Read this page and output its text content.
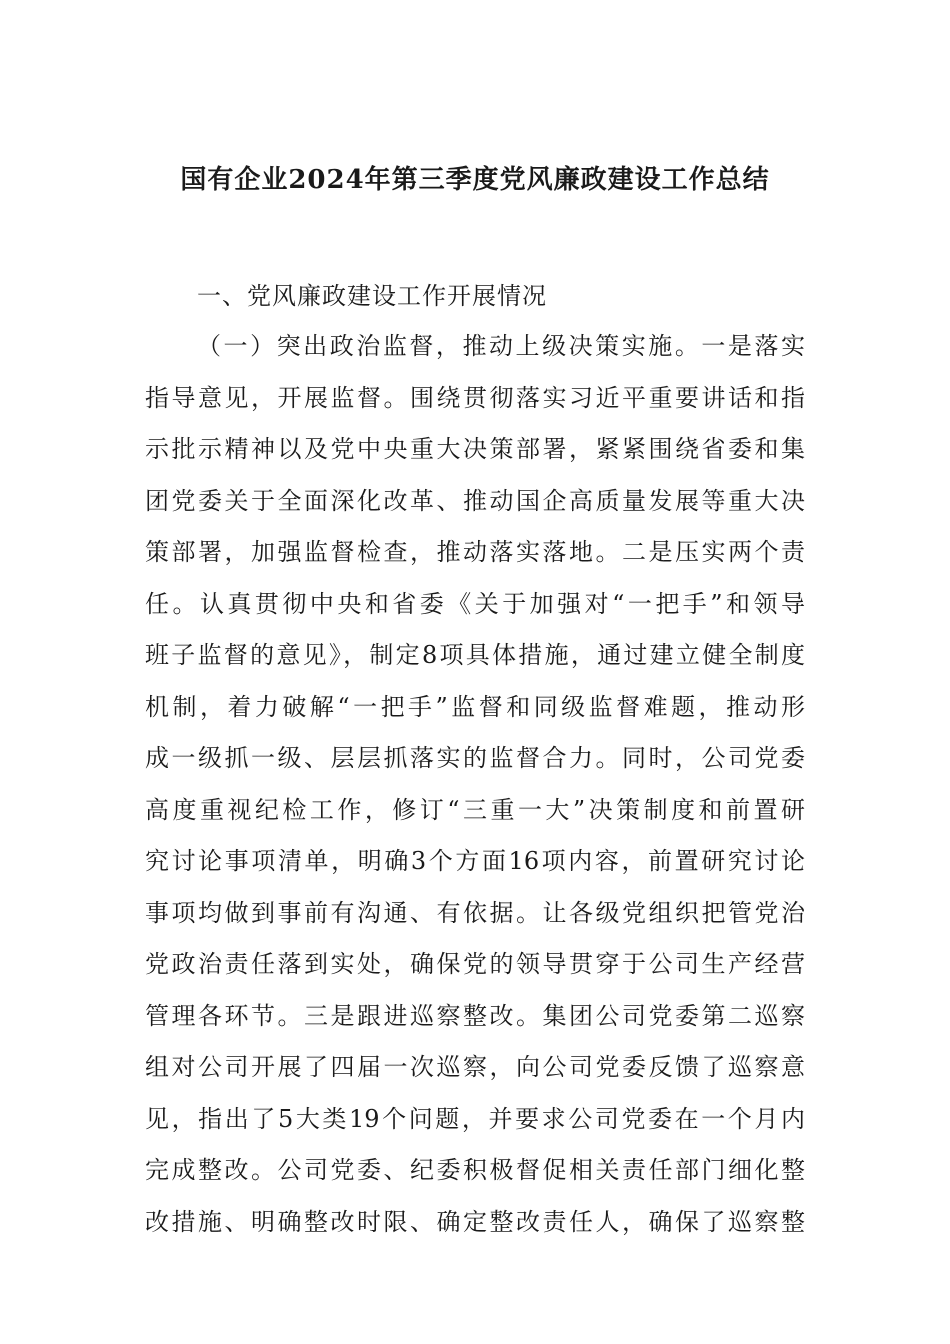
国有企业2024年第三季度党风廉政建设工作总结
一、党风廉政建设工作开展情况
（一）突出政治监督，推动上级决策实施。一是落实
指导意见，开展监督。围绕贯彻落实习近平重要讲话和指
示批示精神以及党中央重大决策部署，紧紧围绕省委和集
团党委关于全面深化改革、推动国企高质量发展等重大决
策部署，加强监督检查，推动落实落地。二是压实两个责
任。认真贯彻中央和省委《关于加强对“一把手”和领导
班子监督的意见》，制定8项具体措施，通过建立健全制度
机制，着力破解“一把手”监督和同级监督难题，推动形
成一级抓一级、层层抓落实的监督合力。同时，公司党委
高度重视纪检工作，修订“三重一大”决策制度和前置研
究讨论事项清单，明确3个方面16项内容，前置研究讨论
事项均做到事前有沟通、有依据。让各级党组织把管党治
党政治责任落到实处，确保党的领导贯穿于公司生产经营
管理各环节。三是跟进巡察整改。集团公司党委第二巡察
组对公司开展了四届一次巡察，向公司党委反馈了巡察意
见，指出了5大类19个问题，并要求公司党委在一个月内
完成整改。公司党委、纪委积极督促相关责任部门细化整
改措施、明确整改时限、确定整改责任人，确保了巡察整
